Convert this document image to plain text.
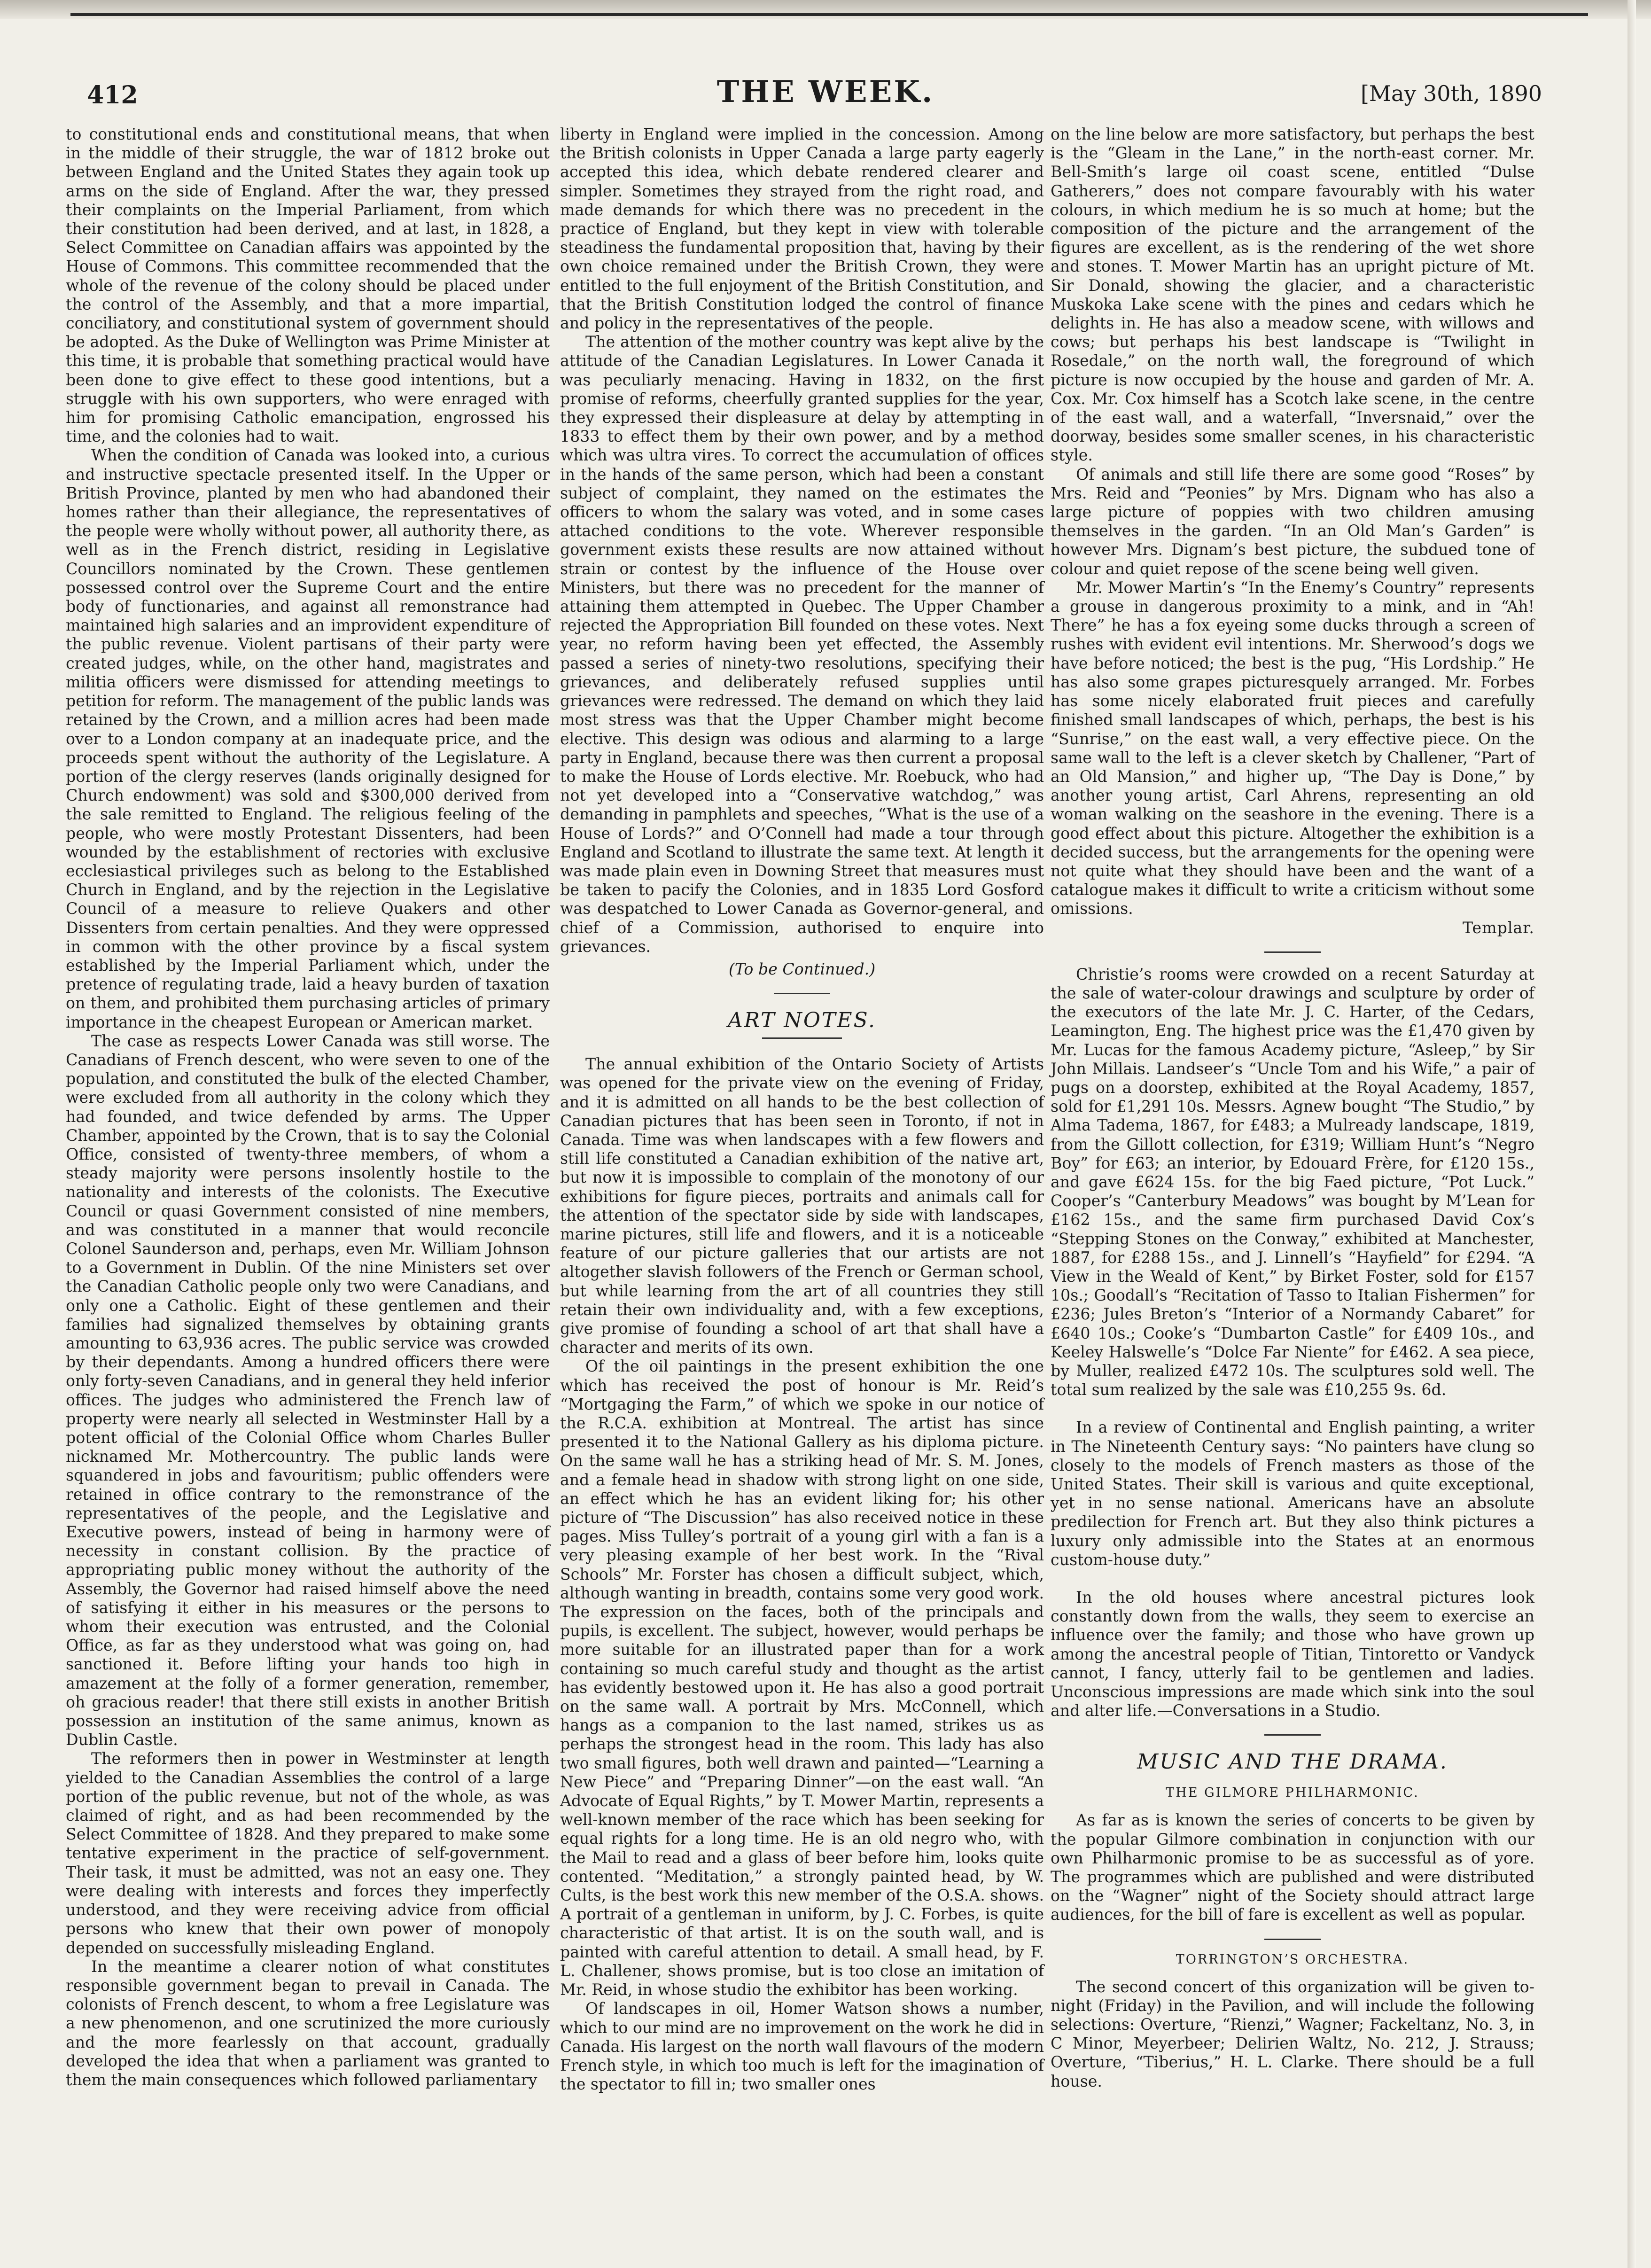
412	THE WEEK.	[May 30th, 1890

to constitutional ends and constitutional means, that when in the middle of their struggle, the war of 1812 broke out between England and the United States they again took up arms on the side of England. After the war, they pressed their complaints on the Imperial Parliament, from which their constitution had been derived, and at last, in 1828, a Select Committee on Canadian affairs was appointed by the House of Commons. This committee recommended that the whole of the revenue of the colony should be placed under the control of the Assembly, and that a more impartial, conciliatory, and constitutional system of government should be adopted. As the Duke of Wellington was Prime Minister at this time, it is probable that something practical would have been done to give effect to these good intentions, but a struggle with his own supporters, who were enraged with him for promising Catholic emancipation, engrossed his time, and the colonies had to wait.

When the condition of Canada was looked into, a curious and instructive spectacle presented itself. In the Upper or British Province, planted by men who had abandoned their homes rather than their allegiance, the representatives of the people were wholly without power, all authority there, as well as in the French district, residing in Legislative Councillors nominated by the Crown. These gentlemen possessed control over the Supreme Court and the entire body of functionaries, and against all remonstrance had maintained high salaries and an improvident expenditure of the public revenue. Violent partisans of their party were created judges, while, on the other hand, magistrates and militia officers were dismissed for attending meetings to petition for reform. The management of the public lands was retained by the Crown, and a million acres had been made over to a London company at an inadequate price, and the proceeds spent without the authority of the Legislature. A portion of the clergy reserves (lands originally designed for Church endowment) was sold and $300,000 derived from the sale remitted to England. The religious feeling of the people, who were mostly Protestant Dissenters, had been wounded by the establishment of rectories with exclusive ecclesiastical privileges such as belong to the Established Church in England, and by the rejection in the Legislative Council of a measure to relieve Quakers and other Dissenters from certain penalties. And they were oppressed in common with the other province by a fiscal system established by the Imperial Parliament which, under the pretence of regulating trade, laid a heavy burden of taxation on them, and prohibited them purchasing articles of primary importance in the cheapest European or American market.

The case as respects Lower Canada was still worse. The Canadians of French descent, who were seven to one of the population, and constituted the bulk of the elected Chamber, were excluded from all authority in the colony which they had founded, and twice defended by arms. The Upper Chamber, appointed by the Crown, that is to say the Colonial Office, consisted of twenty-three members, of whom a steady majority were persons insolently hostile to the nationality and interests of the colonists. The Executive Council or quasi Government consisted of nine members, and was constituted in a manner that would reconcile Colonel Saunderson and, perhaps, even Mr. William Johnson to a Government in Dublin. Of the nine Ministers set over the Canadian Catholic people only two were Canadians, and only one a Catholic. Eight of these gentlemen and their families had signalized themselves by obtaining grants amounting to 63,936 acres. The public service was crowded by their dependants. Among a hundred officers there were only forty-seven Canadians, and in general they held inferior offices. The judges who administered the French law of property were nearly all selected in Westminster Hall by a potent official of the Colonial Office whom Charles Buller nicknamed Mr. Mothercountry. The public lands were squandered in jobs and favouritism; public offenders were retained in office contrary to the remonstrance of the representatives of the people, and the Legislative and Executive powers, instead of being in harmony were of necessity in constant collision. By the practice of appropriating public money without the authority of the Assembly, the Governor had raised himself above the need of satisfying it either in his measures or the persons to whom their execution was entrusted, and the Colonial Office, as far as they understood what was going on, had sanctioned it. Before lifting your hands too high in amazement at the folly of a former generation, remember, oh gracious reader! that there still exists in another British possession an institution of the same animus, known as Dublin Castle.

The reformers then in power in Westminster at length yielded to the Canadian Assemblies the control of a large portion of the public revenue, but not of the whole, as was claimed of right, and as had been recommended by the Select Committee of 1828. And they prepared to make some tentative experiment in the practice of self-government. Their task, it must be admitted, was not an easy one. They were dealing with interests and forces they imperfectly understood, and they were receiving advice from official persons who knew that their own power of monopoly depended on successfully misleading England.

In the meantime a clearer notion of what constitutes responsible government began to prevail in Canada. The colonists of French descent, to whom a free Legislature was a new phenomenon, and one scrutinized the more curiously and the more fearlessly on that account, gradually developed the idea that when a parliament was granted to them the main consequences which followed parliamentary

liberty in England were implied in the concession. Among the British colonists in Upper Canada a large party eagerly accepted this idea, which debate rendered clearer and simpler. Sometimes they strayed from the right road, and made demands for which there was no precedent in the practice of England, but they kept in view with tolerable steadiness the fundamental proposition that, having by their own choice remained under the British Crown, they were entitled to the full enjoyment of the British Constitution, and that the British Constitution lodged the control of finance and policy in the representatives of the people.

The attention of the mother country was kept alive by the attitude of the Canadian Legislatures. In Lower Canada it was peculiarly menacing. Having in 1832, on the first promise of reforms, cheerfully granted supplies for the year, they expressed their displeasure at delay by attempting in 1833 to effect them by their own power, and by a method which was ultra vires. To correct the accumulation of offices in the hands of the same person, which had been a constant subject of complaint, they named on the estimates the officers to whom the salary was voted, and in some cases attached conditions to the vote. Wherever responsible government exists these results are now attained without strain or contest by the influence of the House over Ministers, but there was no precedent for the manner of attaining them attempted in Quebec. The Upper Chamber rejected the Appropriation Bill founded on these votes. Next year, no reform having been yet effected, the Assembly passed a series of ninety-two resolutions, specifying their grievances, and deliberately refused supplies until grievances were redressed. The demand on which they laid most stress was that the Upper Chamber might become elective. This design was odious and alarming to a large party in England, because there was then current a proposal to make the House of Lords elective. Mr. Roebuck, who had not yet developed into a “Conservative watchdog,” was demanding in pamphlets and speeches, “What is the use of a House of Lords?” and O’Connell had made a tour through England and Scotland to illustrate the same text. At length it was made plain even in Downing Street that measures must be taken to pacify the Colonies, and in 1835 Lord Gosford was despatched to Lower Canada as Governor-general, and chief of a Commission, authorised to enquire into grievances.

(To be Continued.)

ART NOTES.

The annual exhibition of the Ontario Society of Artists was opened for the private view on the evening of Friday, and it is admitted on all hands to be the best collection of Canadian pictures that has been seen in Toronto, if not in Canada. Time was when landscapes with a few flowers and still life constituted a Canadian exhibition of the native art, but now it is impossible to complain of the monotony of our exhibitions for figure pieces, portraits and animals call for the attention of the spectator side by side with landscapes, marine pictures, still life and flowers, and it is a noticeable feature of our picture galleries that our artists are not altogether slavish followers of the French or German school, but while learning from the art of all countries they still retain their own individuality and, with a few exceptions, give promise of founding a school of art that shall have a character and merits of its own.

Of the oil paintings in the present exhibition the one which has received the post of honour is Mr. Reid’s “Mortgaging the Farm,” of which we spoke in our notice of the R.C.A. exhibition at Montreal. The artist has since presented it to the National Gallery as his diploma picture. On the same wall he has a striking head of Mr. S. M. Jones, and a female head in shadow with strong light on one side, an effect which he has an evident liking for; his other picture of “The Discussion” has also received notice in these pages. Miss Tulley’s portrait of a young girl with a fan is a very pleasing example of her best work. In the “Rival Schools” Mr. Forster has chosen a difficult subject, which, although wanting in breadth, contains some very good work. The expression on the faces, both of the principals and pupils, is excellent. The subject, however, would perhaps be more suitable for an illustrated paper than for a work containing so much careful study and thought as the artist has evidently bestowed upon it. He has also a good portrait on the same wall. A portrait by Mrs. McConnell, which hangs as a companion to the last named, strikes us as perhaps the strongest head in the room. This lady has also two small figures, both well drawn and painted—“Learning a New Piece” and “Preparing Dinner”—on the east wall. “An Advocate of Equal Rights,” by T. Mower Martin, represents a well-known member of the race which has been seeking for equal rights for a long time. He is an old negro who, with the Mail to read and a glass of beer before him, looks quite contented. “Meditation,” a strongly painted head, by W. Cults, is the best work this new member of the O.S.A. shows. A portrait of a gentleman in uniform, by J. C. Forbes, is quite characteristic of that artist. It is on the south wall, and is painted with careful attention to detail. A small head, by F. L. Challener, shows promise, but is too close an imitation of Mr. Reid, in whose studio the exhibitor has been working.

Of landscapes in oil, Homer Watson shows a number, which to our mind are no improvement on the work he did in Canada. His largest on the north wall flavours of the modern French style, in which too much is left for the imagination of the spectator to fill in; two smaller ones

on the line below are more satisfactory, but perhaps the best is the “Gleam in the Lane,” in the north-east corner. Mr. Bell-Smith’s large oil coast scene, entitled “Dulse Gatherers,” does not compare favourably with his water colours, in which medium he is so much at home; but the composition of the picture and the arrangement of the figures are excellent, as is the rendering of the wet shore and stones. T. Mower Martin has an upright picture of Mt. Sir Donald, showing the glacier, and a characteristic Muskoka Lake scene with the pines and cedars which he delights in. He has also a meadow scene, with willows and cows; but perhaps his best landscape is “Twilight in Rosedale,” on the north wall, the foreground of which picture is now occupied by the house and garden of Mr. A. Cox. Mr. Cox himself has a Scotch lake scene, in the centre of the east wall, and a waterfall, “Inversnaid,” over the doorway, besides some smaller scenes, in his characteristic style.

Of animals and still life there are some good “Roses” by Mrs. Reid and “Peonies” by Mrs. Dignam who has also a large picture of poppies with two children amusing themselves in the garden. “In an Old Man’s Garden” is however Mrs. Dignam’s best picture, the subdued tone of colour and quiet repose of the scene being well given.

Mr. Mower Martin’s “In the Enemy’s Country” represents a grouse in dangerous proximity to a mink, and in “Ah! There” he has a fox eyeing some ducks through a screen of rushes with evident evil intentions. Mr. Sherwood’s dogs we have before noticed; the best is the pug, “His Lordship.” He has also some grapes picturesquely arranged. Mr. Forbes has some nicely elaborated fruit pieces and carefully finished small landscapes of which, perhaps, the best is his “Sunrise,” on the east wall, a very effective piece. On the same wall to the left is a clever sketch by Challener, “Part of an Old Mansion,” and higher up, “The Day is Done,” by another young artist, Carl Ahrens, representing an old woman walking on the seashore in the evening. There is a good effect about this picture. Altogether the exhibition is a decided success, but the arrangements for the opening were not quite what they should have been and the want of a catalogue makes it difficult to write a criticism without some omissions.

Templar.

Christie’s rooms were crowded on a recent Saturday at the sale of water-colour drawings and sculpture by order of the executors of the late Mr. J. C. Harter, of the Cedars, Leamington, Eng. The highest price was the £1,470 given by Mr. Lucas for the famous Academy picture, “Asleep,” by Sir John Millais. Landseer’s “Uncle Tom and his Wife,” a pair of pugs on a doorstep, exhibited at the Royal Academy, 1857, sold for £1,291 10s. Messrs. Agnew bought “The Studio,” by Alma Tadema, 1867, for £483; a Mulready landscape, 1819, from the Gillott collection, for £319; William Hunt’s “Negro Boy” for £63; an interior, by Edouard Frère, for £120 15s., and gave £624 15s. for the big Faed picture, “Pot Luck.” Cooper’s “Canterbury Meadows” was bought by M’Lean for £162 15s., and the same firm purchased David Cox’s “Stepping Stones on the Conway,” exhibited at Manchester, 1887, for £288 15s., and J. Linnell’s “Hayfield” for £294. “A View in the Weald of Kent,” by Birket Foster, sold for £157 10s.; Goodall’s “Recitation of Tasso to Italian Fishermen” for £236; Jules Breton’s “Interior of a Normandy Cabaret” for £640 10s.; Cooke’s “Dumbarton Castle” for £409 10s., and Keeley Halswelle’s “Dolce Far Niente” for £462. A sea piece, by Muller, realized £472 10s. The sculptures sold well. The total sum realized by the sale was £10,255 9s. 6d.

In a review of Continental and English painting, a writer in The Nineteenth Century says: “No painters have clung so closely to the models of French masters as those of the United States. Their skill is various and quite exceptional, yet in no sense national. Americans have an absolute predilection for French art. But they also think pictures a luxury only admissible into the States at an enormous custom-house duty.”

In the old houses where ancestral pictures look constantly down from the walls, they seem to exercise an influence over the family; and those who have grown up among the ancestral people of Titian, Tintoretto or Vandyck cannot, I fancy, utterly fail to be gentlemen and ladies. Unconscious impressions are made which sink into the soul and alter life.—Conversations in a Studio.

MUSIC AND THE DRAMA.
THE GILMORE PHILHARMONIC.

As far as is known the series of concerts to be given by the popular Gilmore combination in conjunction with our own Philharmonic promise to be as successful as of yore. The programmes which are published and were distributed on the “Wagner” night of the Society should attract large audiences, for the bill of fare is excellent as well as popular.

TORRINGTON’S ORCHESTRA.

The second concert of this organization will be given to-night (Friday) in the Pavilion, and will include the following selections: Overture, “Rienzi,” Wagner; Fackeltanz, No. 3, in C Minor, Meyerbeer; Delirien Waltz, No. 212, J. Strauss; Overture, “Tiberius,” H. L. Clarke. There should be a full house.
